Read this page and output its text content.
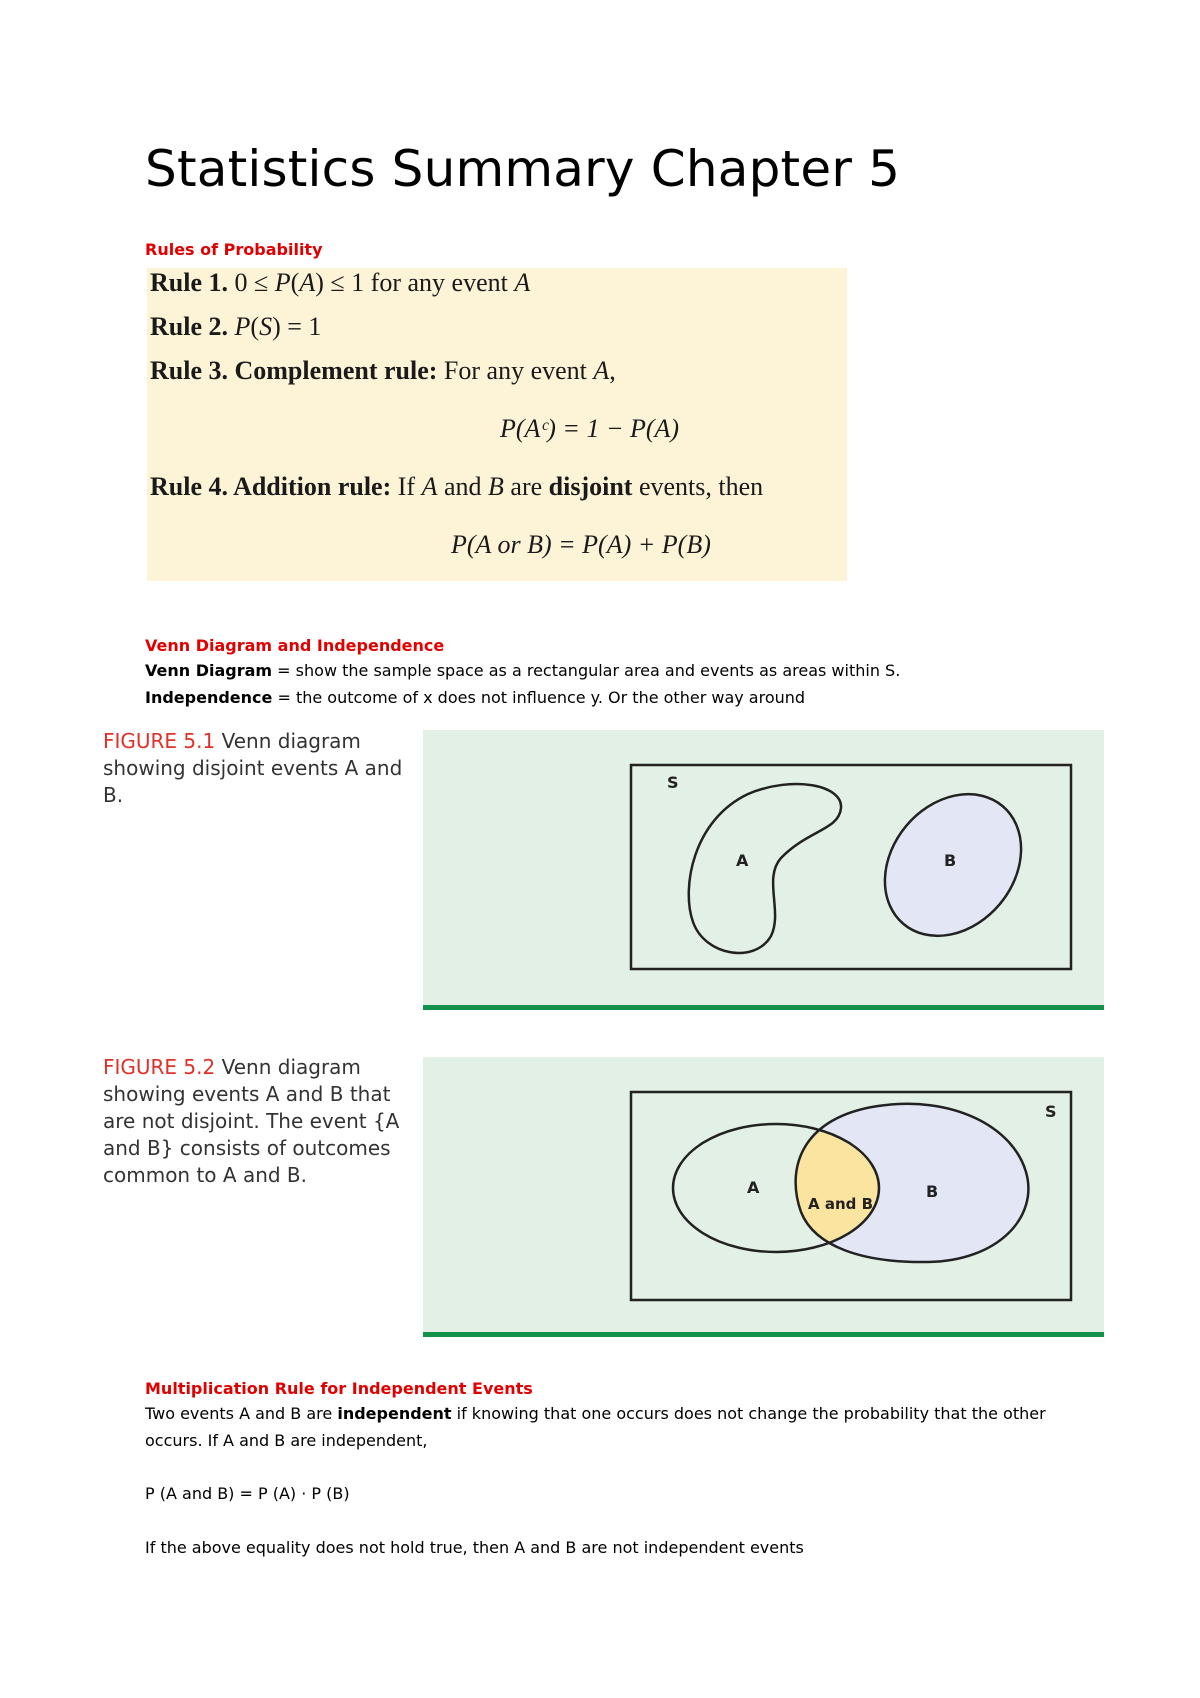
Statistics Summary Chapter 5

Rules of Probability

Rule 1. 0 ≤ P(A) ≤ 1 for any event A
Rule 2. P(S) = 1
Rule 3. Complement rule: For any event A,
P(Aᶜ) = 1 − P(A)
Rule 4. Addition rule: If A and B are disjoint events, then
P(A or B) = P(A) + P(B)

Venn Diagram and Independence

Venn Diagram = show the sample space as a rectangular area and events as areas within S.

Independence = the outcome of x does not influence y. Or the other way around

FIGURE 5.1 Venn diagram showing disjoint events A and B.
S
A	B
FIGURE 5.2 Venn diagram showing events A and B that are not disjoint. The event {A and B} consists of outcomes common to A and B.
S
A
A and B
B

Multiplication Rule for Independent Events

Two events A and B are independent if knowing that one occurs does not change the probability that the other occurs. If A and B are independent,

P (A and B) = P (A) · P (B)

If the above equality does not hold true, then A and B are not independent events
